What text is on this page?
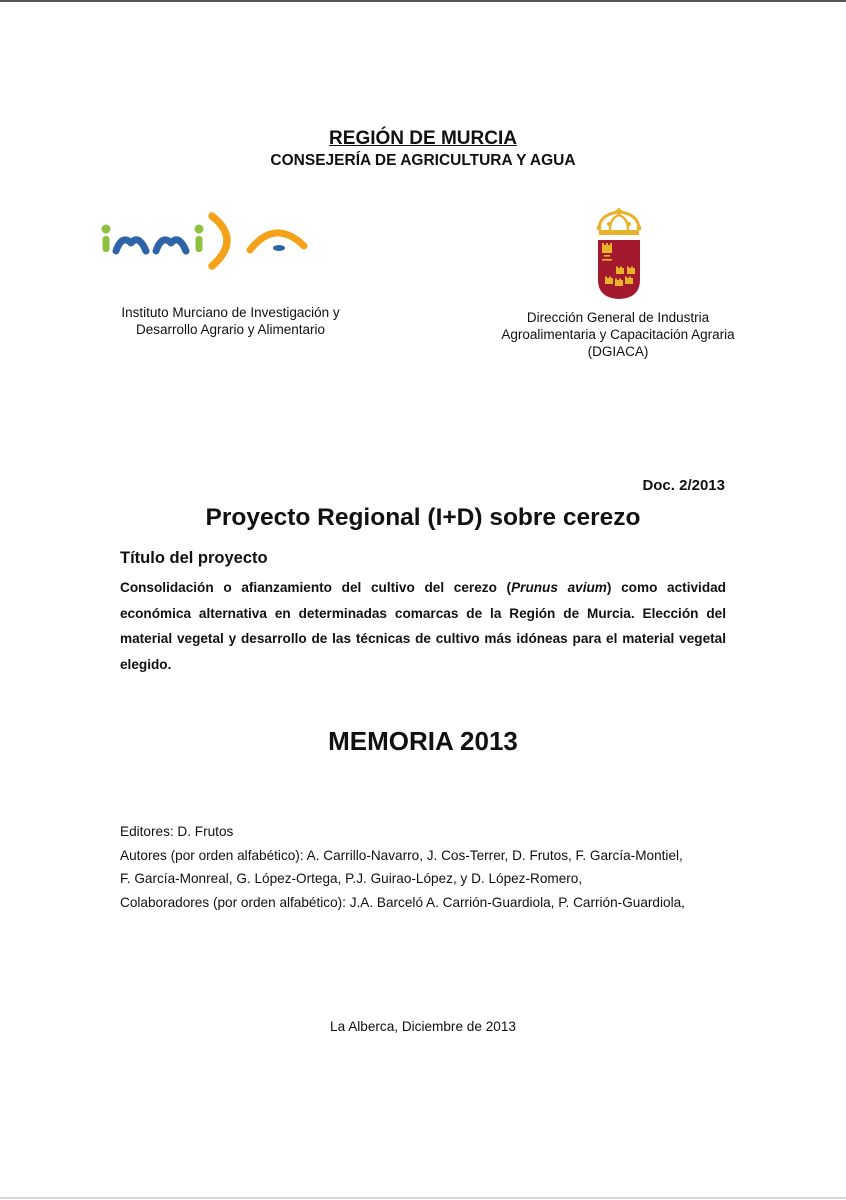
REGIÓN DE MURCIA
CONSEJERÍA DE AGRICULTURA Y AGUA
Instituto Murciano de Investigación y
Desarrollo Agrario y Alimentario
Dirección General de Industria
Agroalimentaria y Capacitación Agraria
(DGIACA)
Doc. 2/2013
Proyecto Regional (I+D) sobre cerezo
Título del proyecto
Consolidación o afianzamiento del cultivo del cerezo (Prunus avium) como actividad económica alternativa en determinadas comarcas de la Región de Murcia. Elección del material vegetal y desarrollo de las técnicas de cultivo más idóneas para el material vegetal elegido.
MEMORIA 2013
Editores: D. Frutos
Autores (por orden alfabético): A. Carrillo-Navarro, J. Cos-Terrer, D. Frutos, F. García-Montiel,
F. García-Monreal, G. López-Ortega, P.J. Guirao-López, y D. López-Romero,
Colaboradores (por orden alfabético): J.A. Barceló A. Carrión-Guardiola, P. Carrión-Guardiola,
La Alberca, Diciembre de 2013
